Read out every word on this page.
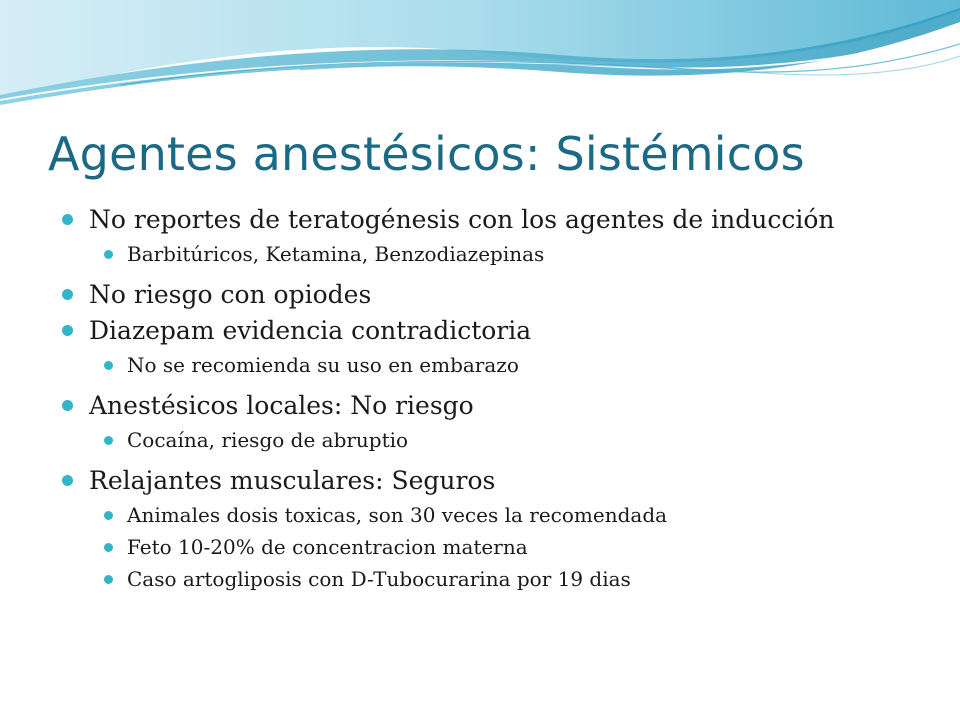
Agentes anestésicos: Sistémicos
No reportes de teratogénesis con los agentes de inducción
Barbitúricos, Ketamina, Benzodiazepinas
No riesgo con opiodes
Diazepam evidencia contradictoria
No se recomienda su uso en embarazo
Anestésicos locales: No riesgo
Cocaína, riesgo de abruptio
Relajantes musculares: Seguros
Animales dosis toxicas, son 30 veces la recomendada
Feto 10-20% de concentracion materna
Caso artogliposis con D-Tubocurarina por 19 dias
